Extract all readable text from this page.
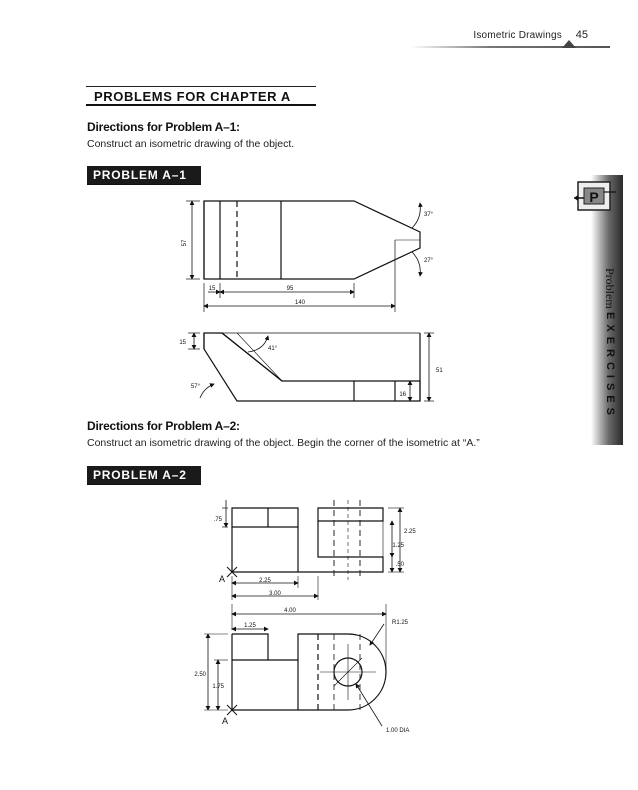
Isometric Drawings 45
PROBLEMS FOR CHAPTER A
Directions for Problem A–1:
Construct an isometric drawing of the object.
PROBLEM A–1
Directions for Problem A–2:
Construct an isometric drawing of the object. Begin the corner of the isometric at “A.”
PROBLEM A–2
P
Problem EXERCISES
57
37°
27°
15	95
140
15
41°
57°
51
16
.75
2.25
1.25
.50
2.25
3.00
4.00
1.25	R1.25
2.50
1.75
1.00 DIA
A
A
